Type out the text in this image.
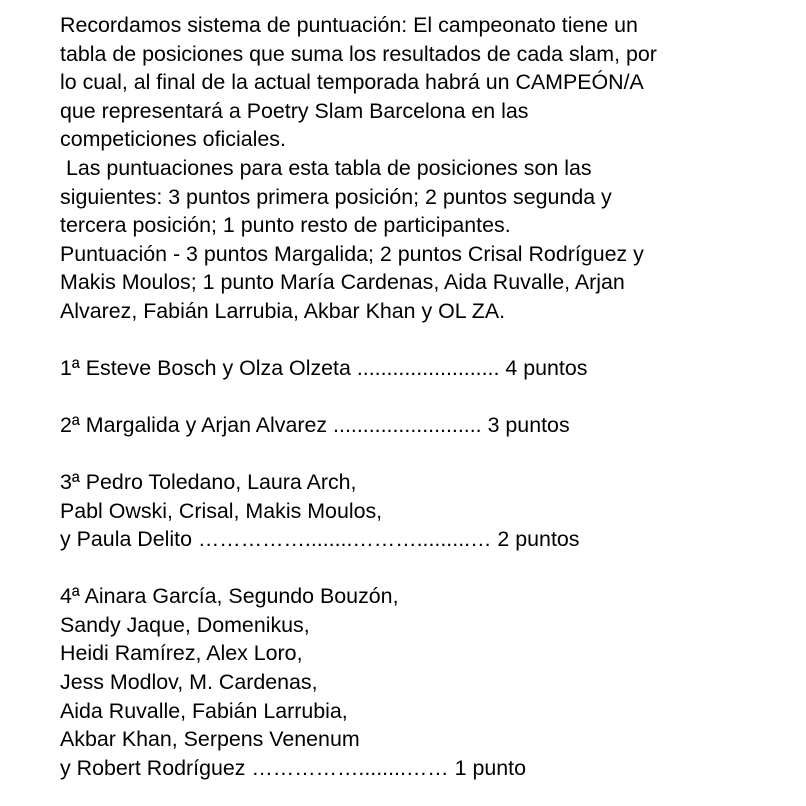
Recordamos sistema de puntuación: El campeonato tiene un
tabla de posiciones que suma los resultados de cada slam, por
lo cual, al final de la actual temporada habrá un CAMPEÓN/A
que representará a Poetry Slam Barcelona en las
competiciones oficiales.
Las puntuaciones para esta tabla de posiciones son las
siguientes: 3 puntos primera posición; 2 puntos segunda y
tercera posición; 1 punto resto de participantes.
Puntuación - 3 puntos Margalida; 2 puntos Crisal Rodríguez y
Makis Moulos; 1 punto María Cardenas, Aida Ruvalle, Arjan
Alvarez, Fabián Larrubia, Akbar Khan y OL ZA.

1ª Esteve Bosch y Olza Olzeta ........................ 4 puntos
2ª Margalida y Arjan Alvarez ......................... 3 puntos
3ª Pedro Toledano, Laura Arch,
Pabl Owski, Crisal, Makis Moulos,
y Paula Delito ……………........……….........… 2 puntos
4ª Ainara García, Segundo Bouzón,
Sandy Jaque, Domenikus,
Heidi Ramírez, Alex Loro,
Jess Modlov, M. Cardenas,
Aida Ruvalle, Fabián Larrubia,
Akbar Khan, Serpens Venenum
y Robert Rodríguez ……………........…… 1 punto
